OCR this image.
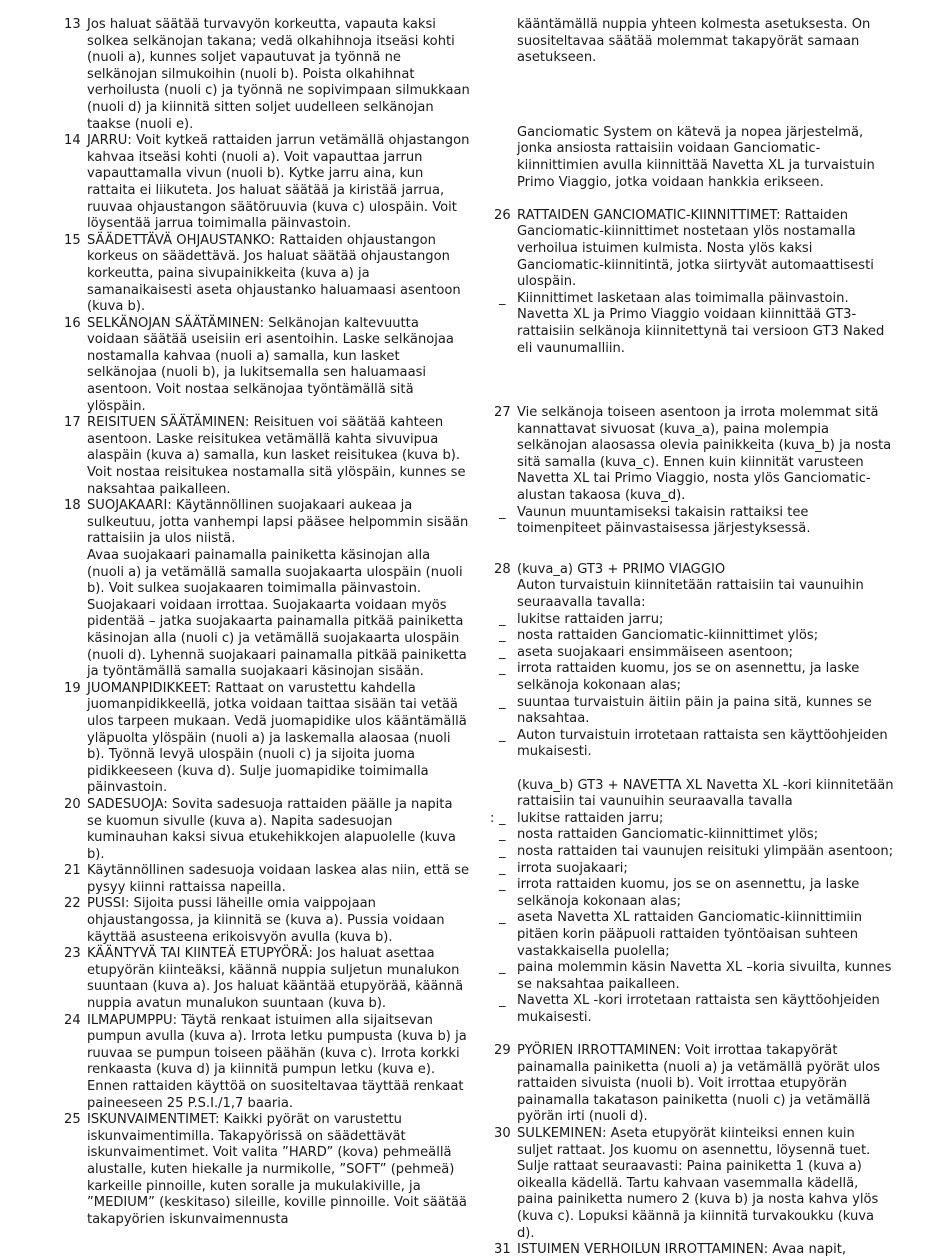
13 Jos haluat säätää turvavyön korkeutta, vapauta kaksi solkea selkänojan takana; vedä olkahihnoja itseäsi kohti (nuoli a), kunnes soljet vapautuvat ja työnnä ne selkänojan silmukoihin (nuoli b). Poista olkahihnat verhoilusta (nuoli c) ja työnnä ne sopivimpaan silmukkaan (nuoli d) ja kiinnitä sitten soljet uudelleen selkänojan taakse (nuoli e).
14 JARRU: Voit kytkeä rattaiden jarrun vetämällä ohjastangon kahvaa itseäsi kohti (nuoli a). Voit vapauttaa jarrun vapauttamalla vivun (nuoli b). Kytke jarru aina, kun rattaita ei liikuteta. Jos haluat säätää ja kiristää jarrua, ruuvaa ohjaustangon säätöruuvia (kuva c) ulospäin. Voit löysentää jarrua toimimalla päinvastoin.
15 SÄÄDETTÄVÄ OHJAUSTANKO: Rattaiden ohjaustangon korkeus on säädettävä. Jos haluat säätää ohjaustangon korkeutta, paina sivupainikkeita (kuva a) ja samanaikaisesti aseta ohjaustanko haluamaasi asentoon (kuva b).
16 SELKÄNOJAN SÄÄTÄMINEN: Selkänojan kaltevuutta voidaan säätää useisiin eri asentoihin. Laske selkänojaa nostamalla kahvaa (nuoli a) samalla, kun lasket selkänojaa (nuoli b), ja lukitsemalla sen haluamaasi asentoon. Voit nostaa selkänojaa työntämällä sitä ylöspäin.
17 REISITUEN SÄÄTÄMINEN: Reisituen voi säätää kahteen asentoon. Laske reisitukea vetämällä kahta sivuvipua alaspäin (kuva a) samalla, kun lasket reisitukea (kuva b). Voit nostaa reisitukea nostamalla sitä ylöspäin, kunnes se naksahtaa paikalleen.
18 SUOJAKAARI: Käytännöllinen suojakaari aukeaa ja sulkeutuu, jotta vanhempi lapsi pääsee helpommin sisään rattaisiin ja ulos niistä.
Avaa suojakaari painamalla painiketta käsinojan alla (nuoli a) ja vetämällä samalla suojakaarta ulospäin (nuoli b). Voit sulkea suojakaaren toimimalla päinvastoin. Suojakaari voidaan irrottaa. Suojakaarta voidaan myös pidentää – jatka suojakaarta painamalla pitkää painiketta käsinojan alla (nuoli c) ja vetämällä suojakaarta ulospäin (nuoli d). Lyhennä suojakaari painamalla pitkää painiketta ja työntämällä samalla suojakaari käsinojan sisään.
19 JUOMANPIDIKKEET: Rattaat on varustettu kahdella juomanpidikkeellä, jotka voidaan taittaa sisään tai vetää ulos tarpeen mukaan. Vedä juomapidike ulos kääntämällä yläpuolta ylöspäin (nuoli a) ja laskemalla alaosaa (nuoli b). Työnnä levyä ulospäin (nuoli c) ja sijoita juoma pidikkeeseen (kuva d). Sulje juomapidike toimimalla päinvastoin.
20 SADESUOJA: Sovita sadesuoja rattaiden päälle ja napita se kuomun sivulle (kuva a). Napita sadesuojan kuminauhan kaksi sivua etukehikkojen alapuolelle (kuva b).
21 Käytännöllinen sadesuoja voidaan laskea alas niin, että se pysyy kiinni rattaissa napeilla.
22 PUSSI: Sijoita pussi läheille omia vaippojaan ohjaustangossa, ja kiinnitä se (kuva a). Pussia voidaan käyttää asusteena erikoisvyön avulla (kuva b).
23 KÄÄNTYVÄ TAI KIINTEÄ ETUPYÖRÄ: Jos haluat asettaa etupyörän kiinteäksi, käännä nuppia suljetun munalukon suuntaan (kuva a). Jos haluat kääntää etupyörää, käännä nuppia avatun munalukon suuntaan (kuva b).
24 ILMAPUMPPU: Täytä renkaat istuimen alla sijaitsevan pumpun avulla (kuva a). Irrota letku pumpusta (kuva b) ja ruuvaa se pumpun toiseen päähän (kuva c). Irrota korkki renkaasta (kuva d) ja kiinnitä pumpun letku (kuva e).
Ennen rattaiden käyttöä on suositeltavaa täyttää renkaat paineeseen 25 P.S.I./1,7 baaria.
25 ISKUNVAIMENTIMET: Kaikki pyörät on varustettu iskunvaimentimilla. Takapyörissä on säädettävät iskunvaimentimet. Voit valita ”HARD” (kova) pehmeällä alustalle, kuten hiekalle ja nurmikolle, ”SOFT” (pehmeä) karkeille pinnoille, kuten soralle ja mukulakiville, ja ”MEDIUM” (keskitaso) sileille, koville pinnoille. Voit säätää takapyörien iskunvaimennusta
kääntämällä nuppia yhteen kolmesta asetuksesta. On suositeltavaa säätää molemmat takapyörät samaan asetukseen.
Ganciomatic System on kätevä ja nopea järjestelmä, jonka ansiosta rattaisiin voidaan Ganciomatic-kiinnittimien avulla kiinnittää Navetta XL ja turvaistuin Primo Viaggio, jotka voidaan hankkia erikseen.
26 RATTAIDEN GANCIOMATIC-KIINNITTIMET: Rattaiden Ganciomatic-kiinnittimet nostetaan ylös nostamalla verhoilua istuimen kulmista. Nosta ylös kaksi Ganciomatic-kiinnitintä, jotka siirtyvät automaattisesti ulospäin.
_ Kiinnittimet lasketaan alas toimimalla päinvastoin. Navetta XL ja Primo Viaggio voidaan kiinnittää GT3-rattaisiin selkänoja kiinnitettynä tai versioon GT3 Naked eli vaunumalliin.
27 Vie selkänoja toiseen asentoon ja irrota molemmat sitä kannattavat sivuosat (kuva_a), paina molempia selkänojan alaosassa olevia painikkeita (kuva_b) ja nosta sitä samalla (kuva_c). Ennen kuin kiinnität varusteen Navetta XL tai Primo Viaggio, nosta ylös Ganciomatic-alustan takaosa (kuva_d).
_ Vaunun muuntamiseksi takaisin rattaiksi tee toimenpiteet päinvastaisessa järjestyksessä.
28 (kuva_a) GT3 + PRIMO VIAGGIO
Auton turvaistuin kiinnitetään rattaisiin tai vaunuihin seuraavalla tavalla:
_ lukitse rattaiden jarru;
_ nosta rattaiden Ganciomatic-kiinnittimet ylös;
_ aseta suojakaari ensimmäiseen asentoon;
_ irrota rattaiden kuomu, jos se on asennettu, ja laske selkänoja kokonaan alas;
_ suuntaa turvaistuin äitiin päin ja paina sitä, kunnes se naksahtaa.
_ Auton turvaistuin irrotetaan rattaista sen käyttöohjeiden mukaisesti.
(kuva_b) GT3 + NAVETTA XL Navetta XL -kori kiinnitetään rattaisiin tai vaunuihin seuraavalla tavalla
: _ lukitse rattaiden jarru;
_ nosta rattaiden Ganciomatic-kiinnittimet ylös;
_ nosta rattaiden tai vaunujen reisituki ylimpään asentoon;
_ irrota suojakaari;
_ irrota rattaiden kuomu, jos se on asennettu, ja laske selkänoja kokonaan alas;
_ aseta Navetta XL rattaiden Ganciomatic-kiinnittimiin pitäen korin pääpuoli rattaiden työntöaisan suhteen vastakkaisella puolella;
_ paina molemmin käsin Navetta XL –koria sivuilta, kunnes se naksahtaa paikalleen.
_ Navetta XL -kori irrotetaan rattaista sen käyttöohjeiden mukaisesti.
29 PYÖRIEN IRROTTAMINEN: Voit irrottaa takapyörät painamalla painiketta (nuoli a) ja vetämällä pyörät ulos rattaiden sivuista (nuoli b). Voit irrottaa etupyörän painamalla takatason painiketta (nuoli c) ja vetämällä pyörän irti (nuoli d).
30 SULKEMINEN: Aseta etupyörät kiinteiksi ennen kuin suljet rattaat. Jos kuomu on asennettu, löysennä tuet. Sulje rattaat seuraavasti: Paina painiketta 1 (kuva a) oikealla kädellä. Tartu kahvaan vasemmalla kädellä, paina painiketta numero 2 (kuva b) ja nosta kahva ylös (kuva c). Lopuksi käännä ja kiinnitä turvakoukku (kuva d).
31 ISTUIMEN VERHOILUN IRROTTAMINEN: Avaa napit,
